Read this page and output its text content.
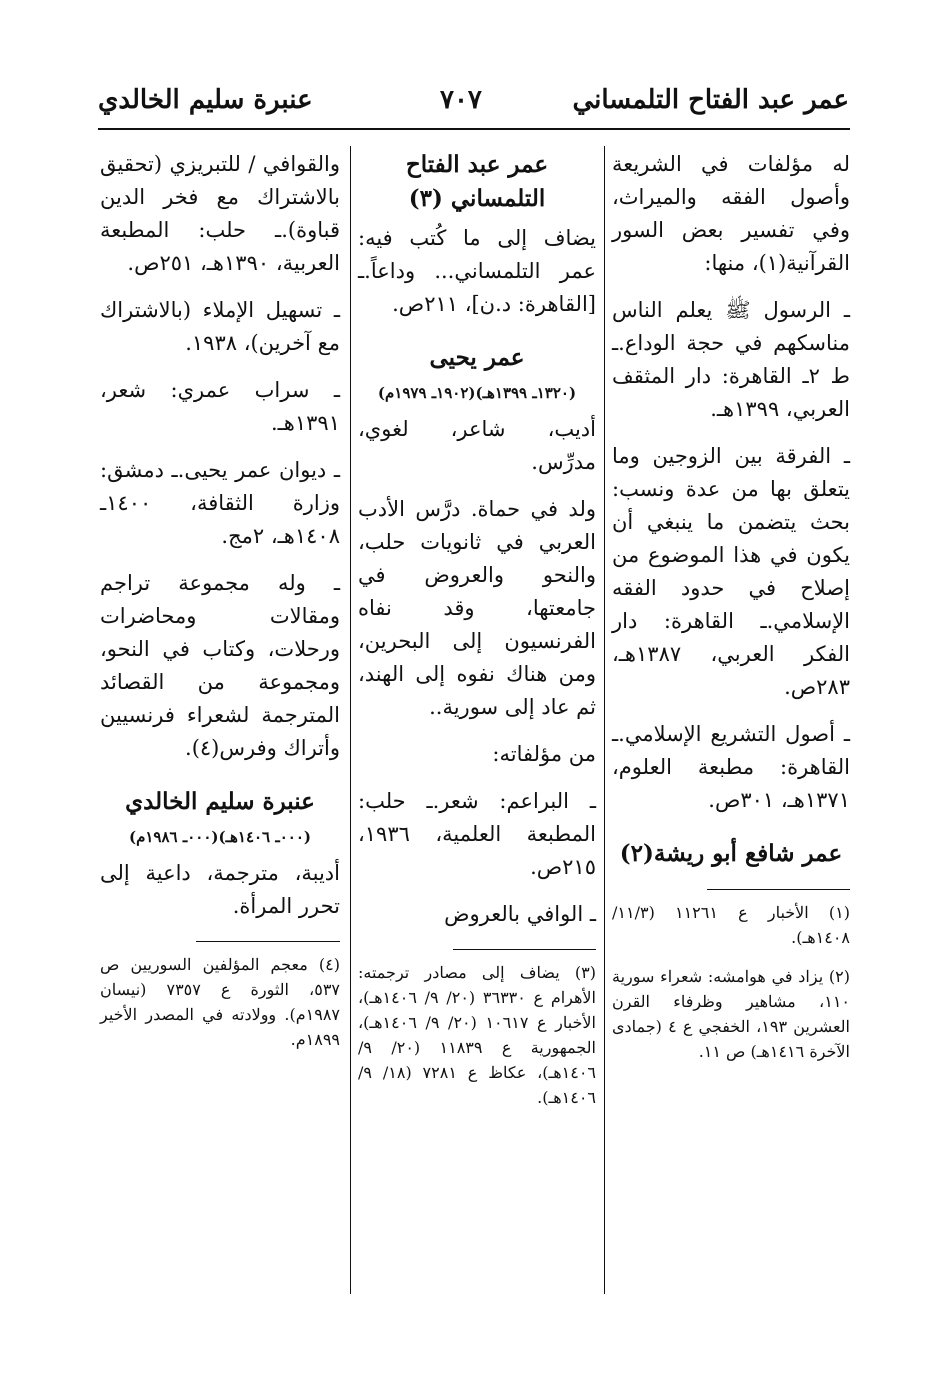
عمر عبد الفتاح التلمساني
٧٠٧
عنبرة سليم الخالدي

له مؤلفات في الشريعة وأصول الفقه والميراث، وفي تفسير بعض السور القرآنية(١)، منها:

ـ الرسول ﷺ يعلم الناس مناسكهم في حجة الوداع.ـ ط ٢ـ القاهرة: دار المثقف العربي، ١٣٩٩هـ.

ـ الفرقة بين الزوجين وما يتعلق بها من عدة ونسب: بحث يتضمن ما ينبغي أن يكون في هذا الموضوع من إصلاح في حدود الفقه الإسلامي.ـ القاهرة: دار الفكر العربي، ١٣٨٧هـ، ٢٨٣ص.

ـ أصول التشريع الإسلامي.ـ القاهرة: مطبعة العلوم، ١٣٧١هـ، ٣٠١ص.

عمر شافع أبو ريشة(٢)

(١) الأخبار ع ١١٢٦١ (١١/٣/ ١٤٠٨هـ).

(٢) يزاد في هوامشه: شعراء سورية ١١٠، مشاهير وظرفاء القرن العشرين ١٩٣، الخفجي ع ٤ (جمادى الآخرة ١٤١٦هـ) ص ١١.

عمر عبد الفتاح التلمساني (٣)

يضاف إلى ما كُتب فيه: عمر التلمساني... وداعاً.ـ [القاهرة: د.ن]، ٢١١ص.

عمر يحيى
(١٣٢٠ـ ١٣٩٩هـ)(١٩٠٢ـ ١٩٧٩م)

أديب، شاعر، لغوي، مدرِّس.

ولد في حماة. درَّس الأدب العربي في ثانويات حلب، والنحو والعروض في جامعتها، وقد نفاه الفرنسيون إلى البحرين، ومن هناك نفوه إلى الهند، ثم عاد إلى سورية..

من مؤلفاته:

ـ البراعم: شعر.ـ حلب: المطبعة العلمية، ١٩٣٦، ٢١٥ص.

ـ الوافي بالعروض

(٣) يضاف إلى مصادر ترجمته: الأهرام ع ٣٦٣٣٠ (٢٠/ ٩/ ١٤٠٦هـ)، الأخبار ع ١٠٦١٧ (٢٠/ ٩/ ١٤٠٦هـ)، الجمهورية ع ١١٨٣٩ (٢٠/ ٩/ ١٤٠٦هـ)، عكاظ ع ٧٢٨١ (١٨/ ٩/ ١٤٠٦هـ).

والقوافي / للتبريزي (تحقيق بالاشتراك مع فخر الدين قباوة).ـ حلب: المطبعة العربية، ١٣٩٠هـ، ٢٥١ص.

ـ تسهيل الإملاء (بالاشتراك مع آخرين)، ١٩٣٨.

ـ سراب عمري: شعر، ١٣٩١هـ.

ـ ديوان عمر يحيى.ـ دمشق: وزارة الثقافة، ١٤٠٠ـ ١٤٠٨هـ، ٢مج.

ـ وله مجموعة تراجم ومقالات ومحاضرات ورحلات، وكتاب في النحو، ومجموعة من القصائد المترجمة لشعراء فرنسيين وأتراك وفرس(٤).

عنبرة سليم الخالدي
(٠٠٠ـ ١٤٠٦هـ)(٠٠٠ـ ١٩٨٦م)

أديبة، مترجمة، داعية إلى تحرر المرأة.

(٤) معجم المؤلفين السوريين ص ٥٣٧، الثورة ع ٧٣٥٧ (نيسان ١٩٨٧م). وولادته في المصدر الأخير ١٨٩٩م.
